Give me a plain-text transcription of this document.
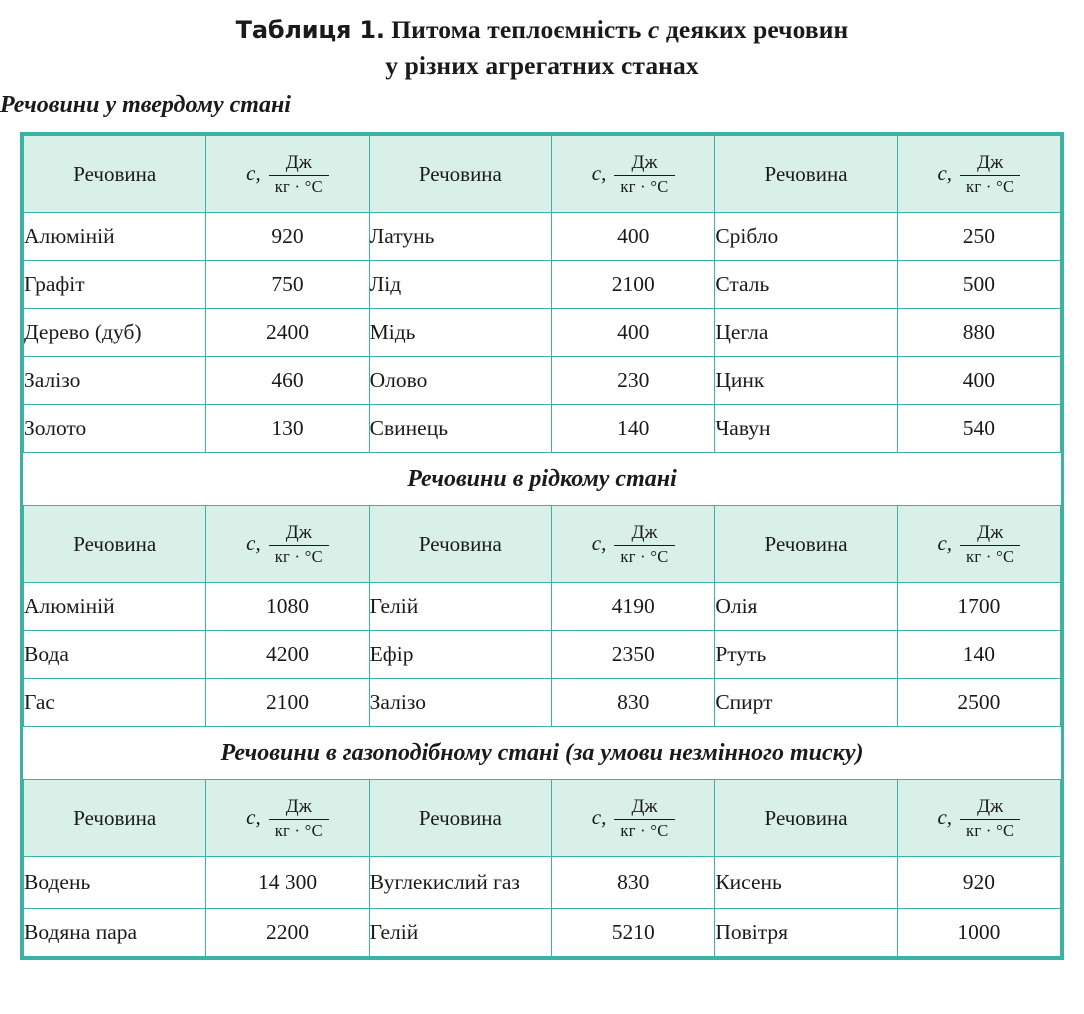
Таблиця 1. Питома теплоємність c деяких речовин
у різних агрегатних станах
Речовини у твердому стані
Речовина	c, $\frac{Дж}{кг \cdot ^\circ C}$	Речовина	c, $\frac{Дж}{кг \cdot ^\circ C}$	Речовина	c, $\frac{Дж}{кг \cdot ^\circ C}$

Алюміній	920	Латунь	400	Срібло	250
Графіт	750	Лід	2100	Сталь	500
Дерево (дуб)	2400	Мідь	400	Цегла	880
Залізо	460	Олово	230	Цинк	400
Золото	130	Свинець	140	Чавун	540
Речовини в рідкому стані					
Речовина	c, $\frac{Дж}{кг \cdot ^\circ C}$	Речовина	c, $\frac{Дж}{кг \cdot ^\circ C}$	Речовина	c, $\frac{Дж}{кг \cdot ^\circ C}$

Алюміній	1080	Гелій	4190	Олія	1700
Вода	4200	Ефір	2350	Ртуть	140
Гас	2100	Залізо	830	Спирт	2500
Речовини в газоподібному стані (за умови незмінного тиску)					
Речовина	c, $\frac{Дж}{кг \cdot ^\circ C}$	Речовина	c, $\frac{Дж}{кг \cdot ^\circ C}$	Речовина	c, $\frac{Дж}{кг \cdot ^\circ C}$

Водень	14 300	Вуглекислий газ	830	Кисень	920
Водяна пара	2200	Гелій	5210	Повітря	1000
